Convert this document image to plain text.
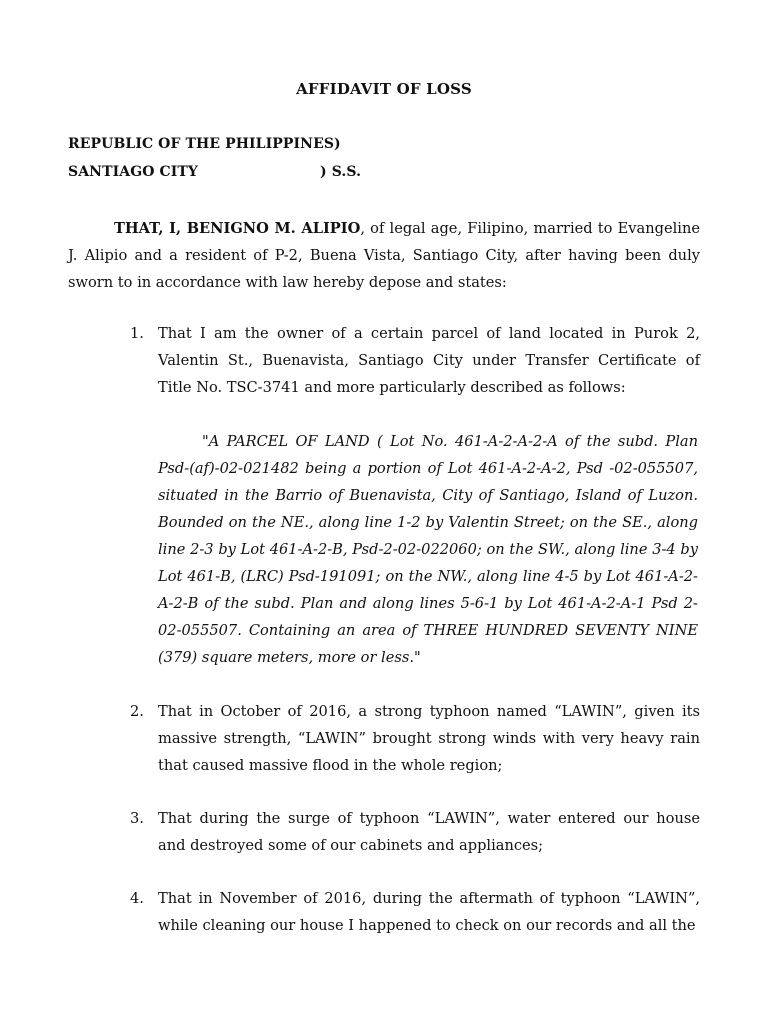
AFFIDAVIT OF LOSS
REPUBLIC OF THE PHILIPPINES)
SANTIAGO CITY	) S.S.

THAT, I, BENIGNO M. ALIPIO, of legal age, Filipino, married to Evangeline J. Alipio and a resident of P-2, Buena Vista, Santiago City, after having been duly sworn to in accordance with law hereby depose and states:

1. That I am the owner of a certain parcel of land located in Purok 2, Valentin St., Buenavista, Santiago City under Transfer Certificate of Title No. TSC-3741 and more particularly described as follows:

"A PARCEL OF LAND ( Lot No. 461-A-2-A-2-A of the subd. Plan Psd-(af)-02-021482 being a portion of Lot 461-A-2-A-2, Psd -02-055507, situated in the Barrio of Buenavista, City of Santiago, Island of Luzon. Bounded on the NE., along line 1-2 by Valentin Street; on the SE., along line 2-3 by Lot 461-A-2-B, Psd-2-02-022060; on the SW., along line 3-4 by Lot 461-B, (LRC) Psd-191091; on the NW., along line 4-5 by Lot 461-A-2-A-2-B of the subd. Plan and along lines 5-6-1 by Lot 461-A-2-A-1 Psd 2-02-055507. Containing an area of THREE HUNDRED SEVENTY NINE (379) square meters, more or less."

2. That in October of 2016, a strong typhoon named “LAWIN”, given its massive strength, “LAWIN” brought strong winds with very heavy rain that caused massive flood in the whole region;

3. That during the surge of typhoon “LAWIN”, water entered our house and destroyed some of our cabinets and appliances;

4. That in November of 2016, during the aftermath of typhoon “LAWIN”, while cleaning our house I happened to check on our records and all the
